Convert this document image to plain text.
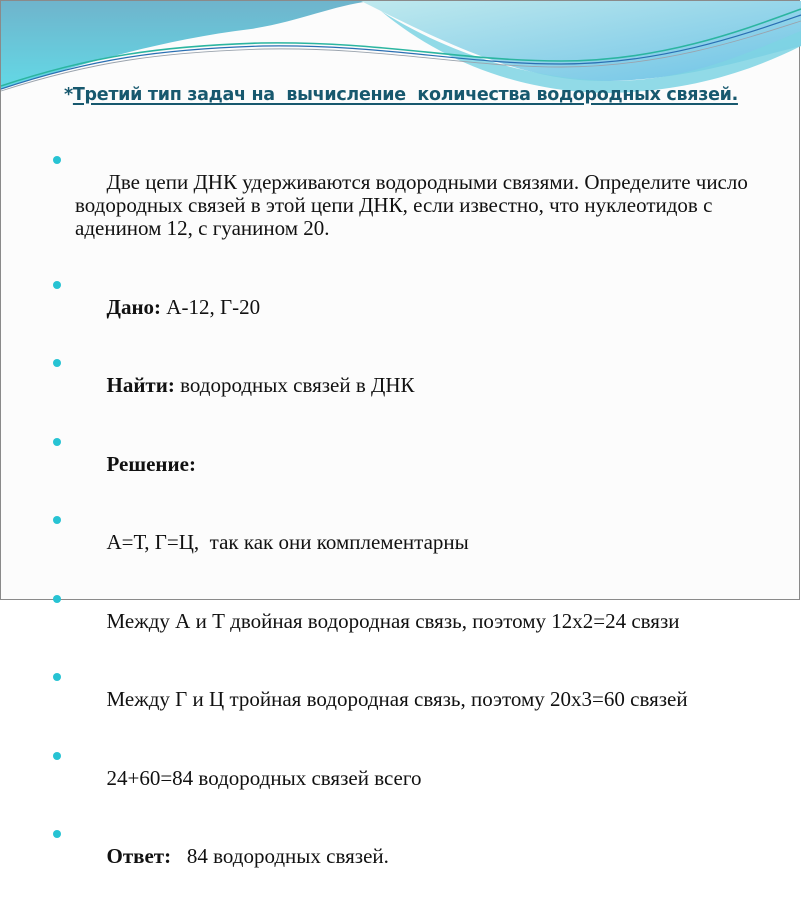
*Третий тип задач на  вычисление  количества водородных связей.

Две цепи ДНК удерживаются водородными связями. Определите число водородных связей в этой цепи ДНК, если известно, что нуклеотидов с  аденином 12, с гуанином 20.

Дано: А-12, Г-20

Найти: водородных связей в ДНК

Решение:

А=Т, Г=Ц,  так как они комплементарны

Между А и Т двойная водородная связь, поэтому 12х2=24 связи

Между Г и Ц тройная водородная связь, поэтому 20х3=60 связей

24+60=84 водородных связей всего

Ответ:   84 водородных связей.
